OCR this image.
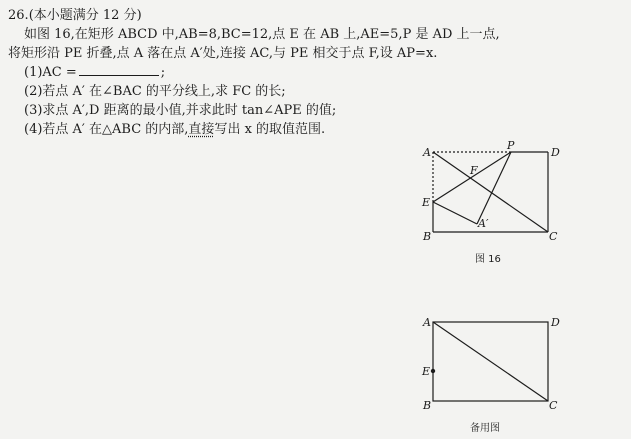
26.(本小题满分 12 分)
如图 16,在矩形 ABCD 中,AB=8,BC=12,点 E 在 AB 上,AE=5,P 是 AD 上一点,
将矩形沿 PE 折叠,点 A 落在点 A′处,连接 AC,与 PE 相交于点 F,设 AP=x.
(1)AC =	;
(2)若点 A′ 在∠BAC 的平分线上,求 FC 的长;
(3)求点 A′,D 距离的最小值,并求此时 tan∠APE 的值;
(4)若点 A′ 在△ABC 的内部,直接写出 x 的取值范围.
A
P
D
F
E
A′
B	C
图 16
A	D
E
B	C
备用图
